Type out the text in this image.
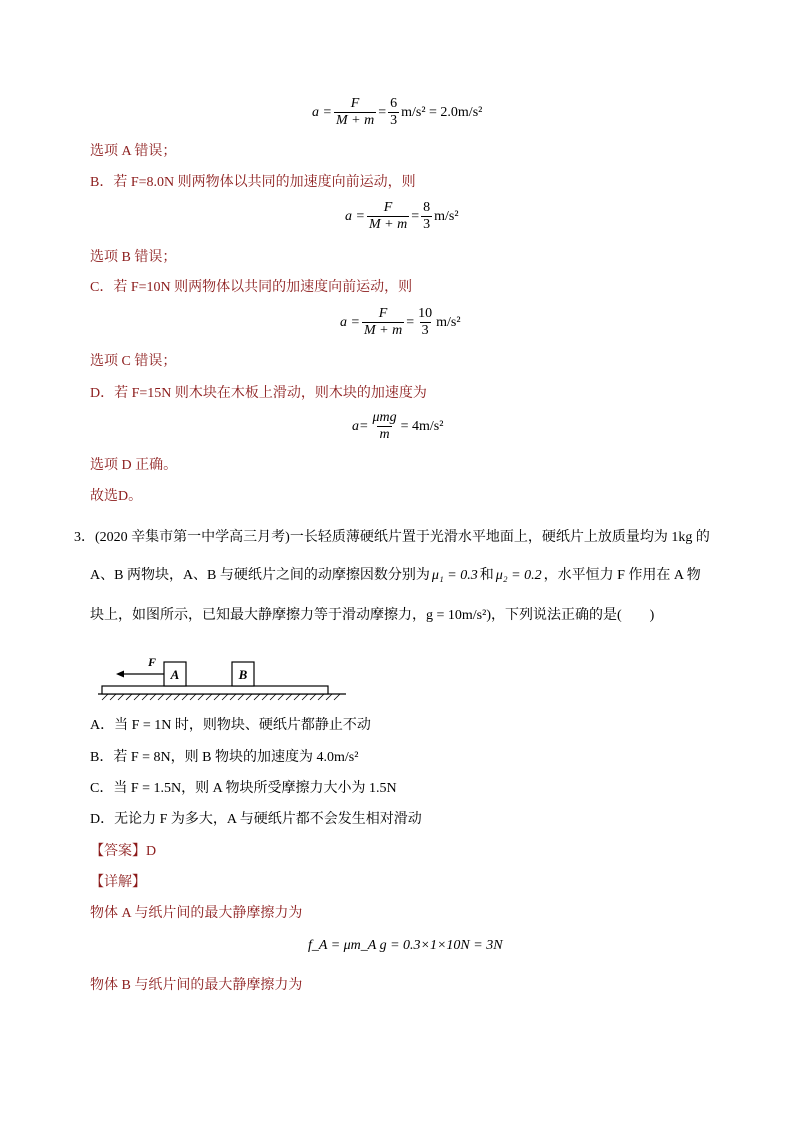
$a = \frac{F}{M + m} = \frac{6}{3} m/s^2 = 2.0m/s^2$
选项 A 错误；
B．若 F=8.0N 则两物体以共同的加速度向前运动，则
$a = \frac{F}{M + m} = \frac{8}{3} m/s^2$
选项 B 错误；
C．若 F=10N 则两物体以共同的加速度向前运动，则
$a = \frac{F}{M + m} = \frac{10}{3} m/s^2$
选项 C 错误；
D．若 F=15N 则木块在木板上滑动，则木块的加速度为
$a= \frac{\text{μmg}}{m} = 4m/s^2$
选项 D 正确。
故选D。
3．(2020 辛集市第一中学高三月考)一长轻质薄硬纸片置于光滑水平地面上，硬纸片上放质量均为 1kg 的
A、B 两物块，A、B 与硬纸片之间的动摩擦因数分别为 μ₁ = 0.3 和 μ₂ = 0.2 ，水平恒力 F 作用在 A 物
块上，如图所示，已知最大静摩擦力等于滑动摩擦力，g = 10m/s²)，下列说法正确的是(　　)
A	B
F
A．当 F = 1N 时，则物块、硬纸片都静止不动
B．若 F = 8N，则 B 物块的加速度为 4.0m/s²
C．当 F = 1.5N，则 A 物块所受摩擦力大小为 1.5N
D．无论力 F 为多大，A 与硬纸片都不会发生相对滑动
【答案】D
【详解】
物体 A 与纸片间的最大静摩擦力为
f_A = μm_A g = 0.3×1×10N = 3N
物体 B 与纸片间的最大静摩擦力为
